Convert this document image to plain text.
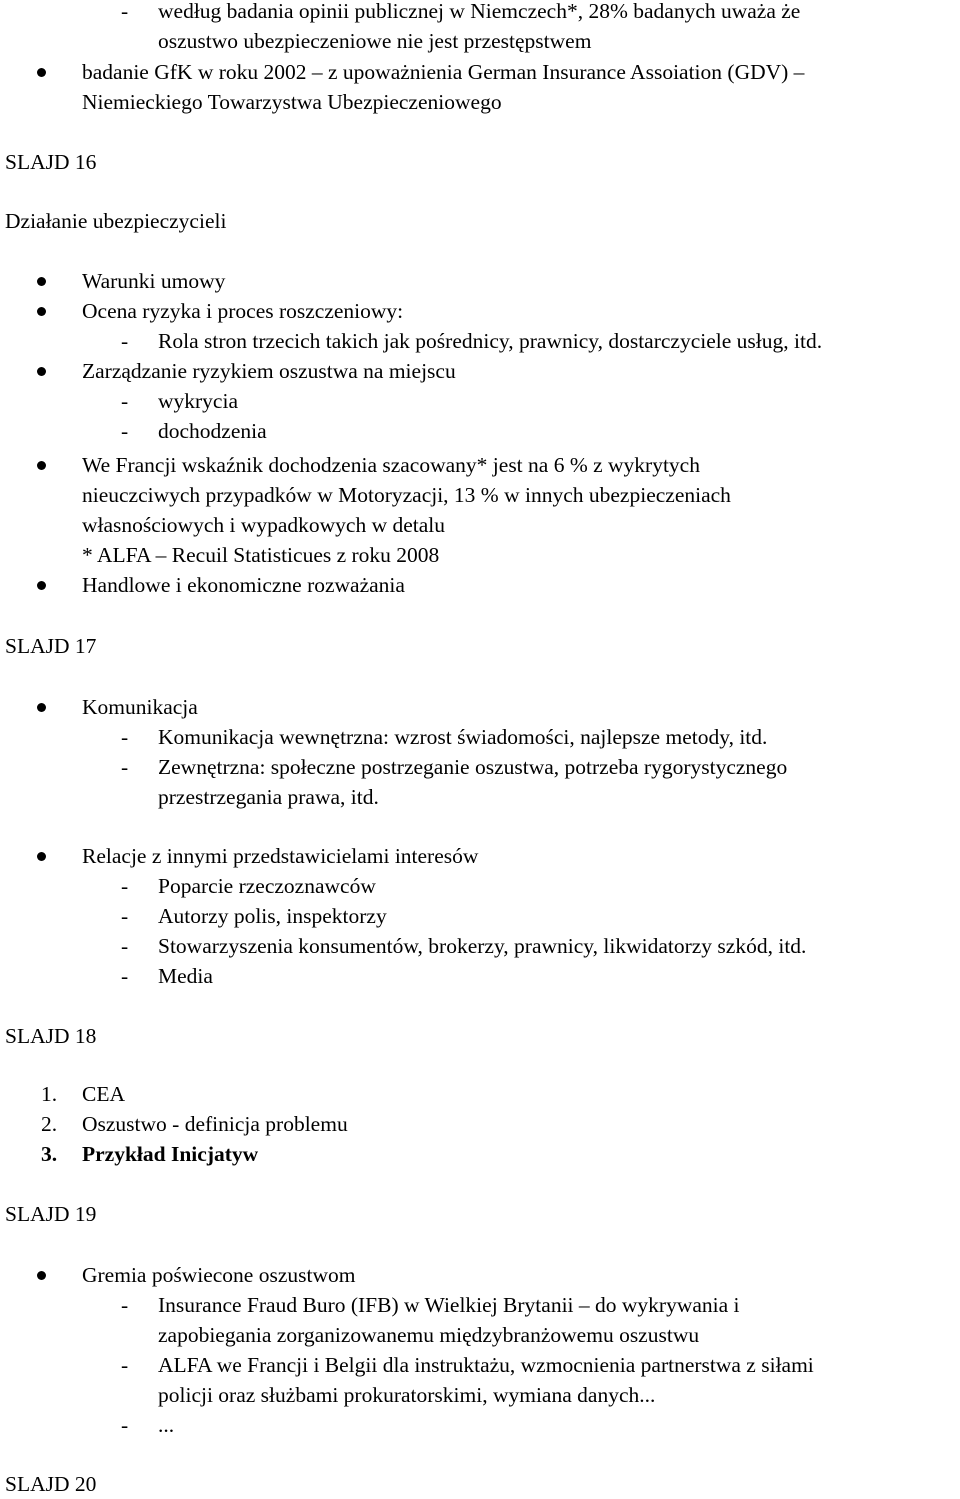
- według badania opinii publicznej w Niemczech*, 28% badanych uważa że
oszustwo ubezpieczeniowe nie jest przestępstwem
badanie GfK w roku 2002 – z upoważnienia German Insurance Assoiation (GDV) –
Niemieckiego Towarzystwa Ubezpieczeniowego
SLAJD 16
Działanie ubezpieczycieli
Warunki umowy
Ocena ryzyka i proces roszczeniowy:
- Rola stron trzecich takich jak pośrednicy, prawnicy, dostarczyciele usług, itd.
Zarządzanie ryzykiem oszustwa na miejscu
- wykrycia
- dochodzenia
We Francji wskaźnik dochodzenia szacowany* jest na 6 % z wykrytych
nieuczciwych przypadków w Motoryzacji, 13 % w innych ubezpieczeniach
własnościowych i wypadkowych w detalu
* ALFA – Recuil Statisticues z roku 2008
Handlowe i ekonomiczne rozważania
SLAJD 17
Komunikacja
- Komunikacja wewnętrzna: wzrost świadomości, najlepsze metody, itd.
- Zewnętrzna: społeczne postrzeganie oszustwa, potrzeba rygorystycznego
przestrzegania prawa, itd.
Relacje z innymi przedstawicielami interesów
- Poparcie rzeczoznawców
- Autorzy polis, inspektorzy
- Stowarzyszenia konsumentów, brokerzy, prawnicy, likwidatorzy szkód, itd.
- Media
SLAJD 18
1. CEA
2. Oszustwo - definicja problemu
3. Przykład Inicjatyw
SLAJD 19
Gremia poświecone oszustwom
- Insurance Fraud Buro (IFB) w Wielkiej Brytanii – do wykrywania i
zapobiegania zorganizowanemu międzybranżowemu oszustwu
- ALFA we Francji i Belgii dla instruktażu, wzmocnienia partnerstwa z siłami
policji oraz służbami prokuratorskimi, wymiana danych...
- ...
SLAJD 20
